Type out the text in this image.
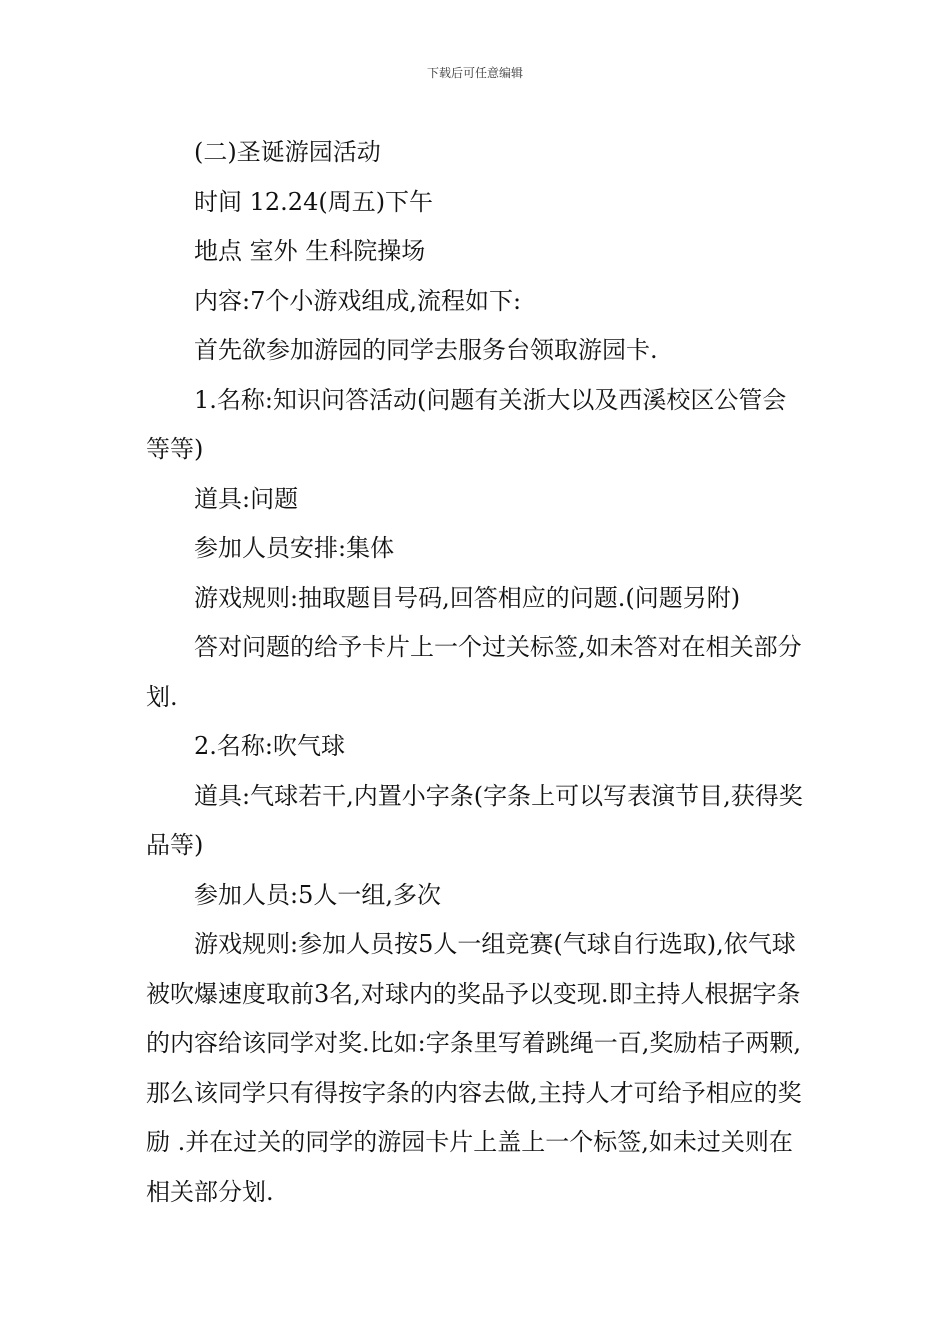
下载后可任意编辑

(二)圣诞游园活动

时间 12.24(周五)下午

地点 室外 生科院操场

内容:7个小游戏组成,流程如下:

首先欲参加游园的同学去服务台领取游园卡.

1.名称:知识问答活动(问题有关浙大以及西溪校区公管会等等)

道具:问题

参加人员安排:集体

游戏规则:抽取题目号码,回答相应的问题.(问题另附)

答对问题的给予卡片上一个过关标签,如未答对在相关部分划.

2.名称:吹气球

道具:气球若干,内置小字条(字条上可以写表演节目,获得奖品等)

参加人员:5人一组,多次

游戏规则:参加人员按5人一组竞赛(气球自行选取),依气球被吹爆速度取前3名,对球内的奖品予以变现.即主持人根据字条的内容给该同学对奖.比如:字条里写着跳绳一百,奖励桔子两颗,那么该同学只有得按字条的内容去做,主持人才可给予相应的奖励 .并在过关的同学的游园卡片上盖上一个标签,如未过关则在相关部分划.
